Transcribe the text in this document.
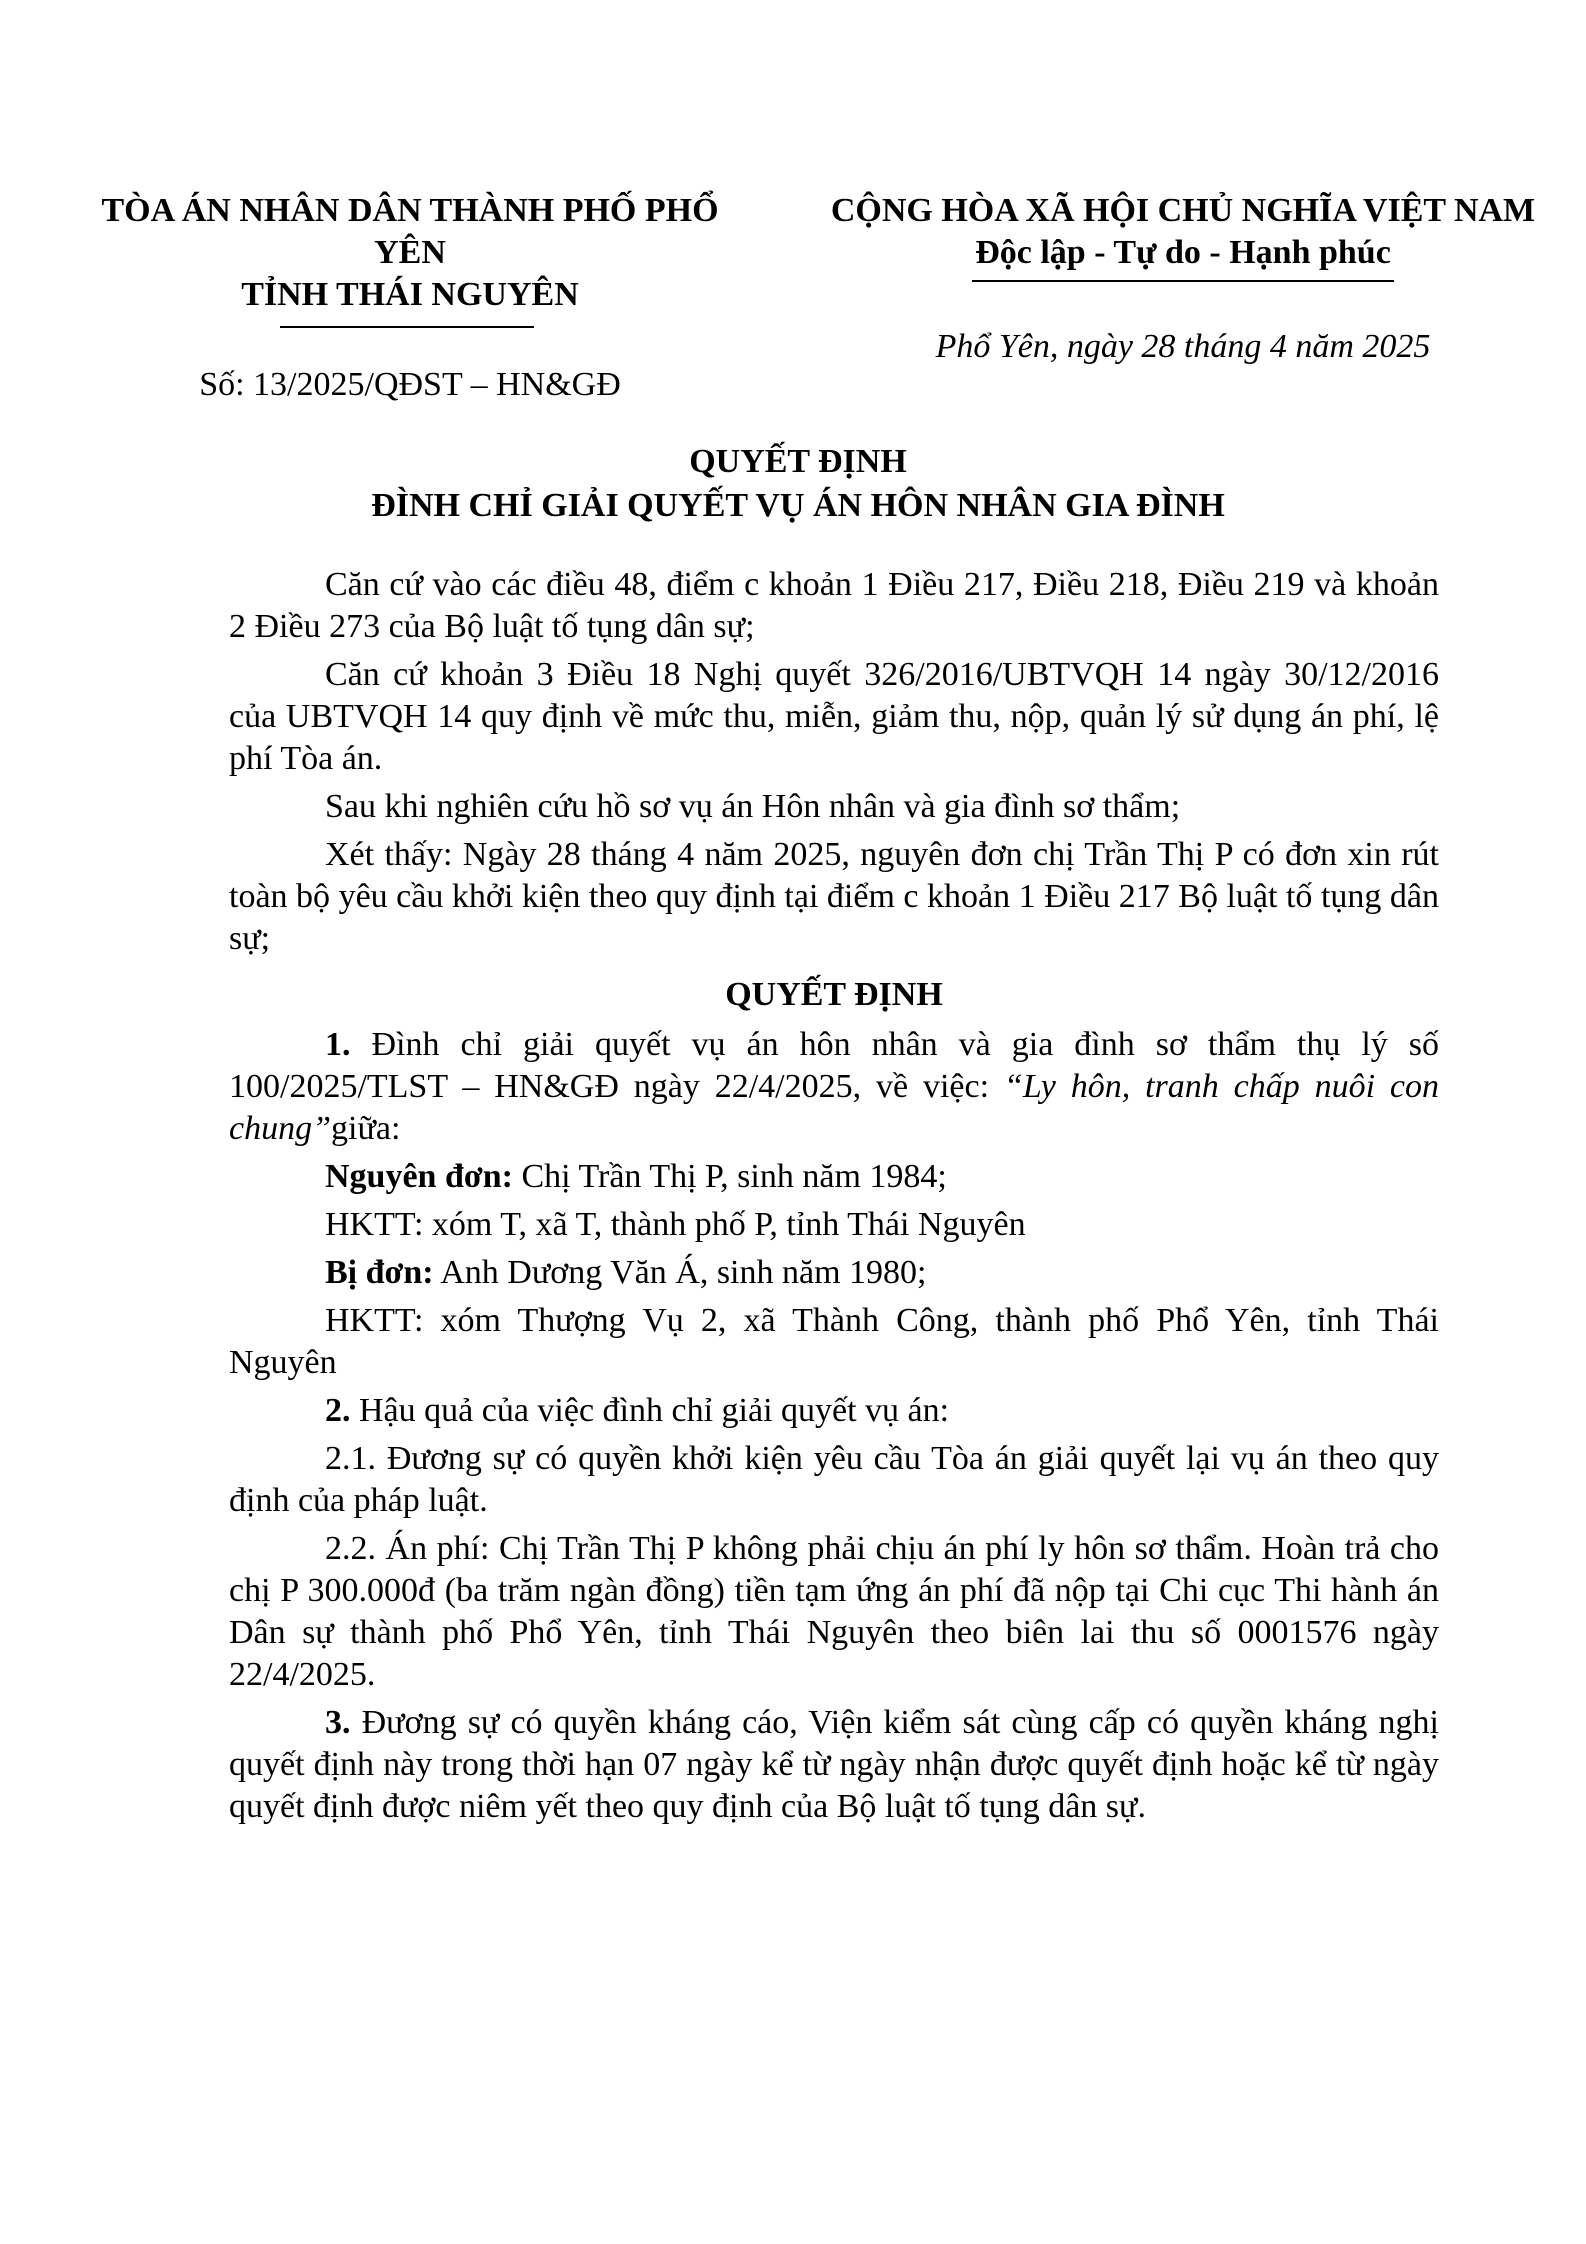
TÒA ÁN NHÂN DÂN THÀNH PHỐ PHỔ
YÊN
TỈNH THÁI NGUYÊN
Số: 13/2025/QĐST – HN&GĐ
CỘNG HÒA XÃ HỘI CHỦ NGHĨA VIỆT NAM
Độc lập - Tự do - Hạnh phúc
Phổ Yên, ngày 28 tháng 4 năm 2025
QUYẾT ĐỊNH
ĐÌNH CHỈ GIẢI QUYẾT VỤ ÁN HÔN NHÂN GIA ĐÌNH

Căn cứ vào các điều 48, điểm c khoản 1 Điều 217, Điều 218, Điều 219 và khoản 2 Điều 273 của Bộ luật tố tụng dân sự;

Căn cứ khoản 3 Điều 18 Nghị quyết 326/2016/UBTVQH 14 ngày 30/12/2016 của UBTVQH 14 quy định về mức thu, miễn, giảm thu, nộp, quản lý sử dụng án phí, lệ phí Tòa án.

Sau khi nghiên cứu hồ sơ vụ án Hôn nhân và gia đình sơ thẩm;

Xét thấy: Ngày 28 tháng 4 năm 2025, nguyên đơn chị Trần Thị P có đơn xin rút toàn bộ yêu cầu khởi kiện theo quy định tại điểm c khoản 1 Điều 217 Bộ luật tố tụng dân sự;

QUYẾT ĐỊNH

1. Đình chỉ giải quyết vụ án hôn nhân và gia đình sơ thẩm thụ lý số 100/2025/TLST – HN&GĐ ngày 22/4/2025, về việc: “Ly hôn, tranh chấp nuôi con chung”giữa:

Nguyên đơn: Chị Trần Thị P, sinh năm 1984;

HKTT: xóm T, xã T, thành phố P, tỉnh Thái Nguyên

Bị đơn: Anh Dương Văn Á, sinh năm 1980;

HKTT: xóm Thượng Vụ 2, xã Thành Công, thành phố Phổ Yên, tỉnh Thái Nguyên

2. Hậu quả của việc đình chỉ giải quyết vụ án:

2.1. Đương sự có quyền khởi kiện yêu cầu Tòa án giải quyết lại vụ án theo quy định của pháp luật.

2.2. Án phí: Chị Trần Thị P không phải chịu án phí ly hôn sơ thẩm. Hoàn trả cho chị P 300.000đ (ba trăm ngàn đồng) tiền tạm ứng án phí đã nộp tại Chi cục Thi hành án Dân sự thành phố Phổ Yên, tỉnh Thái Nguyên theo biên lai thu số 0001576 ngày 22/4/2025.

3. Đương sự có quyền kháng cáo, Viện kiểm sát cùng cấp có quyền kháng nghị quyết định này trong thời hạn 07 ngày kể từ ngày nhận được quyết định hoặc kể từ ngày quyết định được niêm yết theo quy định của Bộ luật tố tụng dân sự.
